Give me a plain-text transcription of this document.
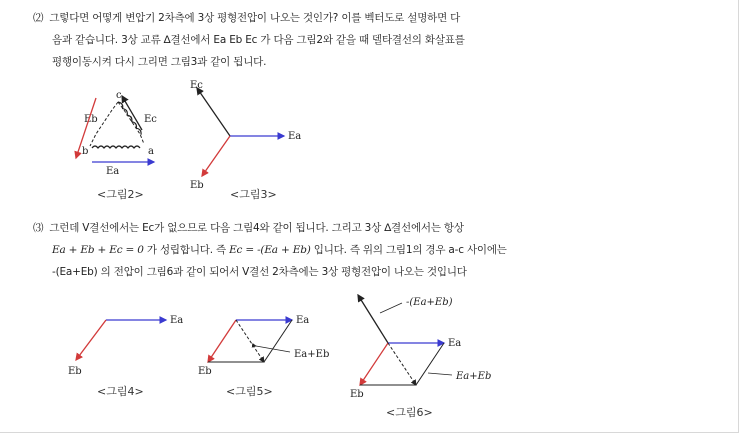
⑵ 그렇다면 어떻게 변압기 2차측에 3상 평형전압이 나오는 것인가? 이를 벡터도로 설명하면 다
음과 같습니다. 3상 교류 ∆결선에서 Ea Eb Ec 가 다음 그림2와 같을 때 델타결선의 화살표를
평행이동시켜 다시 그리면 그림3과 같이 됩니다.
c
a
b
Eb	Ec
Ea
<그림2>
Ec
Ea
Eb
<그림3>
⑶ 그런데 V결선에서는 Ec가 없으므로 다음 그림4와 같이 됩니다. 그리고 3상 ∆결선에서는 항상
Ea + Eb + Ec = 0 가 성립합니다. 즉 Ec = -(Ea + Eb) 입니다. 즉 위의 그림1의 경우 a-c 사이에는
-(Ea+Eb) 의 전압이 그림6과 같이 되어서 V결선 2차측에는 3상 평형전압이 나오는 것입니다
Ea
Eb
<그림4>
Ea
Eb
Ea+Eb
<그림5>
-(Ea+Eb)
Ea
Eb
Ea+Eb
<그림6>
